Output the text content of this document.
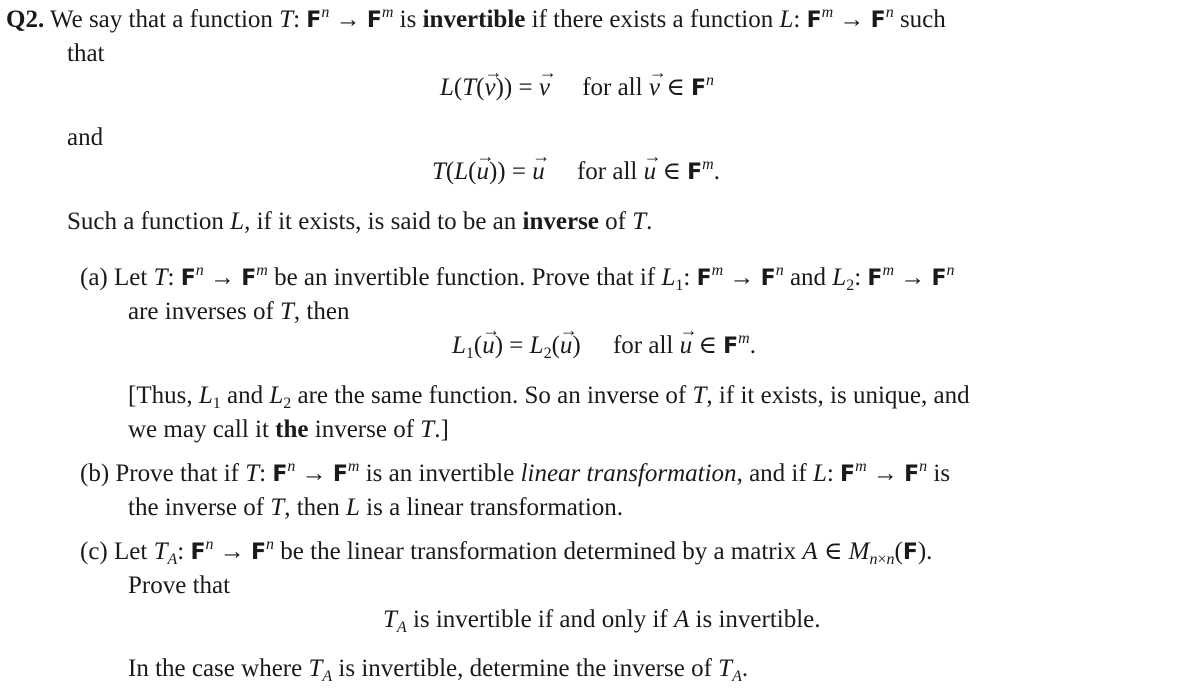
Q2. We say that a function T: $F^n \to F^m$ is invertible if there exists a function L: $F^m \to F^n$ such
that
L(T(→ v)) = → v for all → v ∈ $F^n$
and
T(L(→ u)) = → u for all → u ∈ $F^m$.
Such a function L, if it exists, is said to be an inverse of T.
(a) Let T: $F^n \to F^m$ be an invertible function. Prove that if $L_1$: $F^m \to F^n$ and $L_2$: $F^m \to F^n$
are inverses of T, then
$L_1(\to u) = L_2(\to u)$ for all → u ∈ $F^m$.
[Thus, $L_1$ and $L_2$ are the same function. So an inverse of T, if it exists, is unique, and
we may call it the inverse of T.]
(b) Prove that if T: $F^n \to F^m$ is an invertible linear transformation, and if L: $F^m \to F^n$ is
the inverse of T, then L is a linear transformation.
(c) Let $T_A$: $F^n \to F^n$ be the linear transformation determined by a matrix A ∈ $M_{n\times n}(F)$.
Prove that
$T_A$ is invertible if and only if A is invertible.
In the case where $T_A$ is invertible, determine the inverse of $T_A$.
